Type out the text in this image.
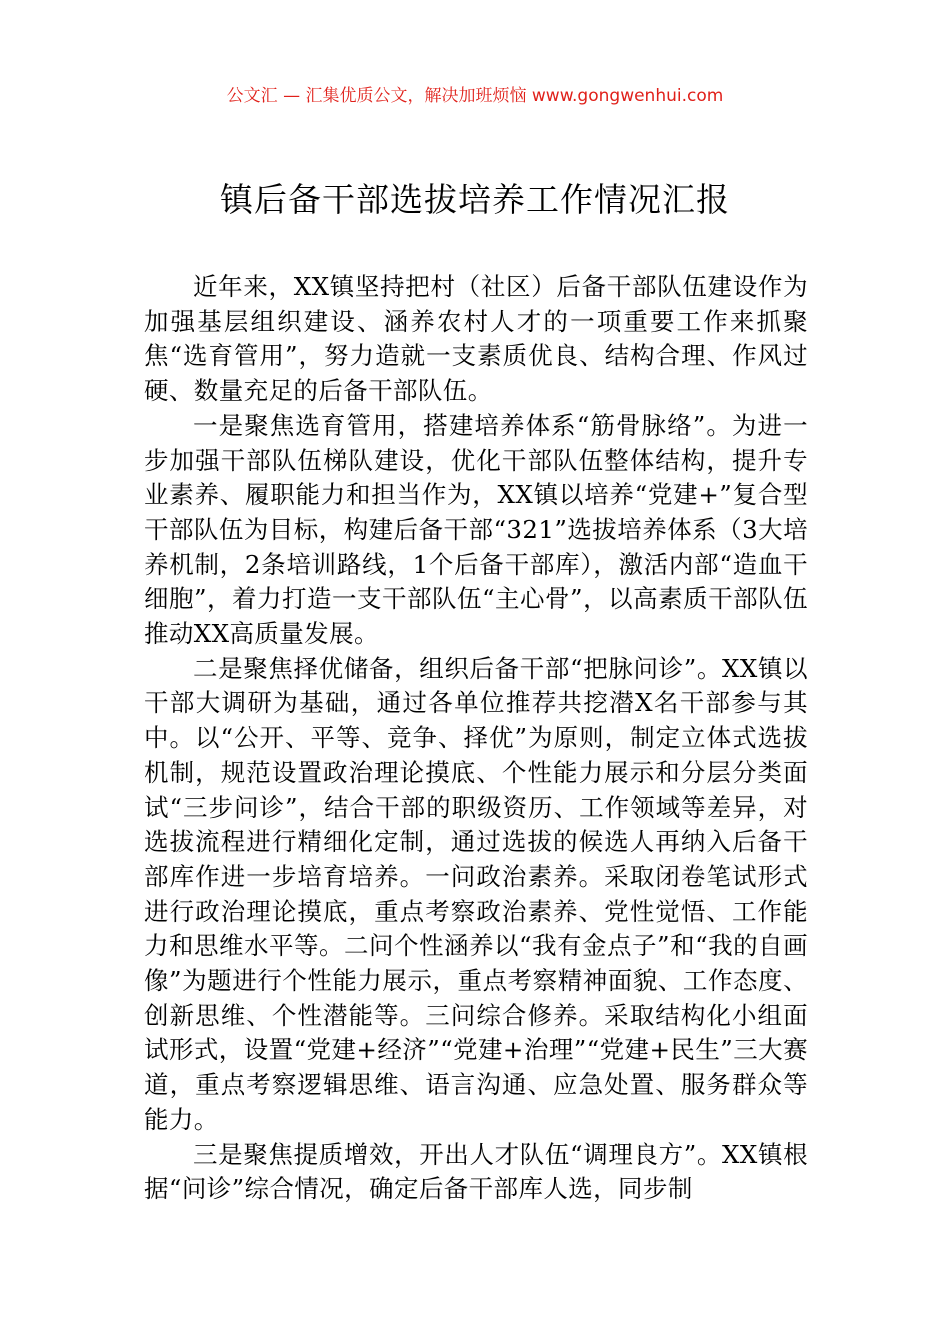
公文汇 — 汇集优质公文，解决加班烦恼 www.gongwenhui.com
镇后备干部选拔培养工作情况汇报

近年来，XX镇坚持把村（社区）后备干部队伍建设作为加强基层组织建设、涵养农村人才的一项重要工作来抓聚焦“选育管用”，努力造就一支素质优良、结构合理、作风过硬、数量充足的后备干部队伍。

一是聚焦选育管用，搭建培养体系“筋骨脉络”。为进一步加强干部队伍梯队建设，优化干部队伍整体结构，提升专业素养、履职能力和担当作为，XX镇以培养“党建+”复合型干部队伍为目标，构建后备干部“321”选拔培养体系（3大培养机制，2条培训路线，1个后备干部库），激活内部“造血干细胞”，着力打造一支干部队伍“主心骨”，以高素质干部队伍推动XX高质量发展。

二是聚焦择优储备，组织后备干部“把脉问诊”。XX镇以干部大调研为基础，通过各单位推荐共挖潜X名干部参与其中。以“公开、平等、竞争、择优”为原则，制定立体式选拔机制，规范设置政治理论摸底、个性能力展示和分层分类面试“三步问诊”，结合干部的职级资历、工作领域等差异，对选拔流程进行精细化定制，通过选拔的候选人再纳入后备干部库作进一步培育培养。一问政治素养。采取闭卷笔试形式进行政治理论摸底，重点考察政治素养、党性觉悟、工作能力和思维水平等。二问个性涵养以“我有金点子”和“我的自画像”为题进行个性能力展示，重点考察精神面貌、工作态度、创新思维、个性潜能等。三问综合修养。采取结构化小组面试形式，设置“党建+经济”“党建+治理”“党建+民生”三大赛道，重点考察逻辑思维、语言沟通、应急处置、服务群众等能力。

三是聚焦提质增效，开出人才队伍“调理良方”。XX镇根据“问诊”综合情况，确定后备干部库人选，同步制
